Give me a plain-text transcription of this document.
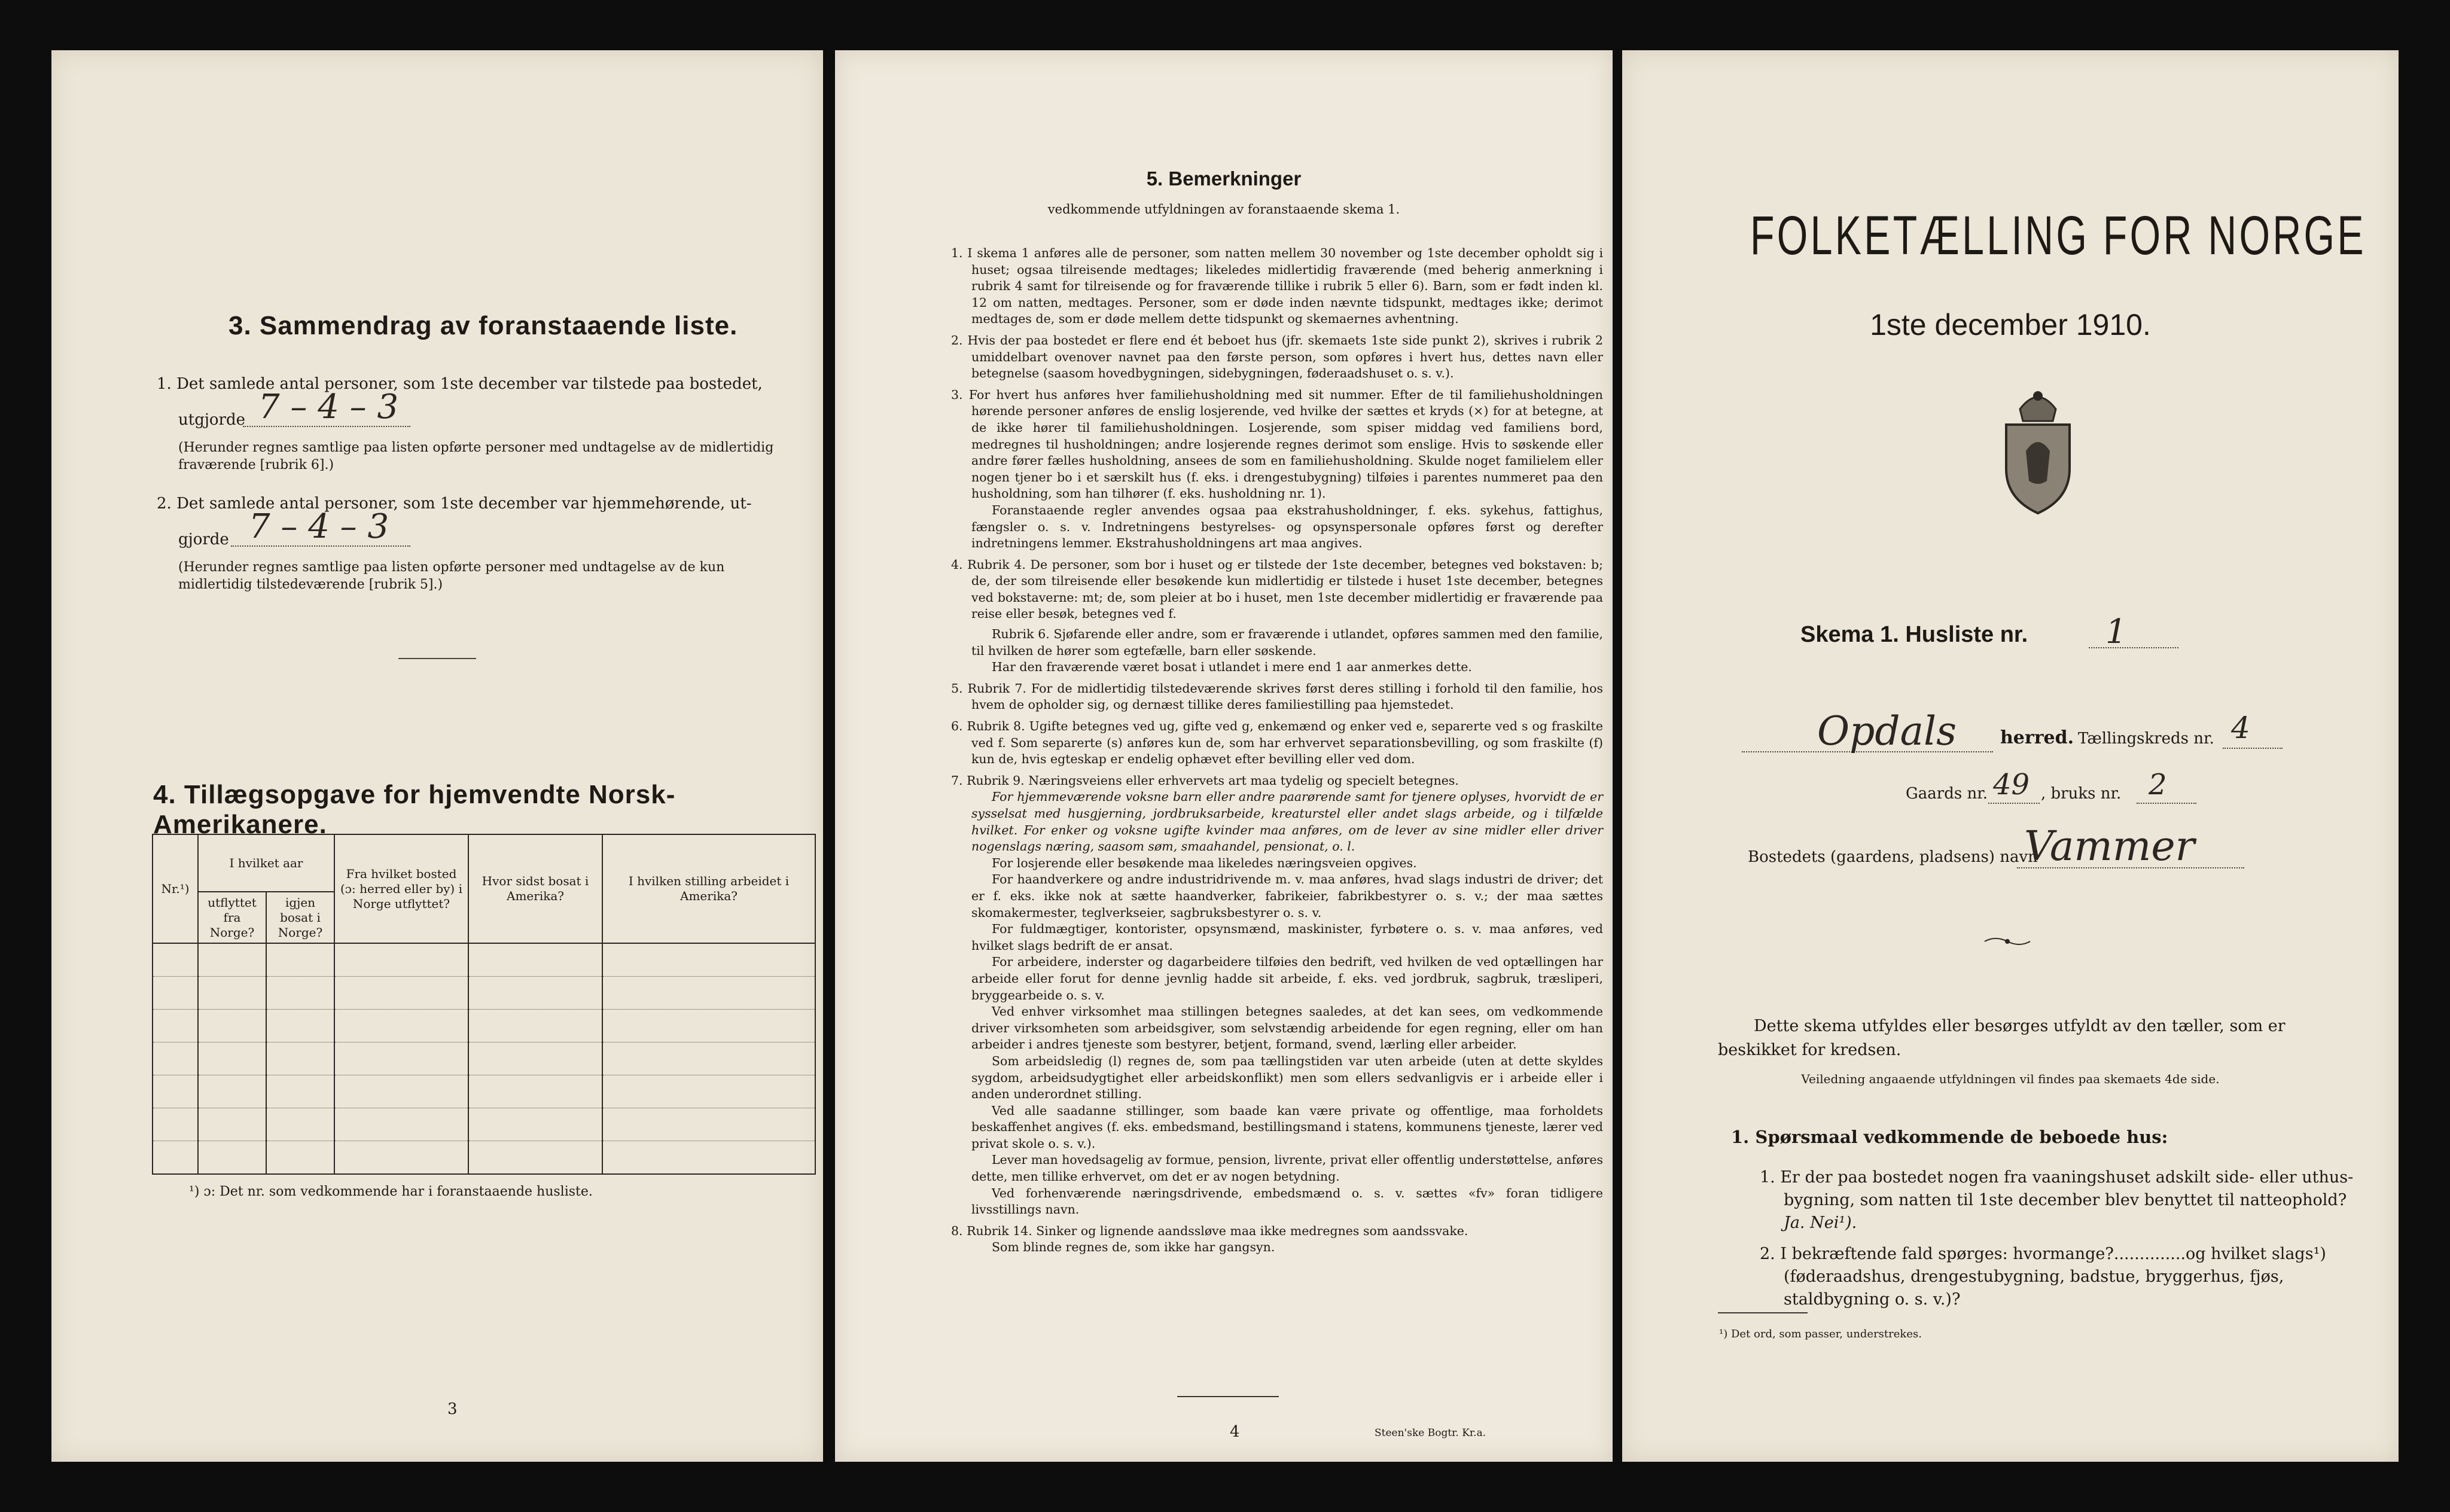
3. Sammendrag av foranstaaende liste.
1. Det samlede antal personer, som 1ste december var tilstede paa bostedet,
utgjorde 7 – 4 – 3
(Herunder regnes samtlige paa listen opførte personer med undtagelse av de midlertidig fraværende [rubrik 6].)
2. Det samlede antal personer, som 1ste december var hjemmehørende, ut-
gjorde 7 – 4 – 3
(Herunder regnes samtlige paa listen opførte personer med undtagelse av de kun midlertidig tilstedeværende [rubrik 5].)
4. Tillægsopgave for hjemvendte Norsk-Amerikanere.
Nr.¹)	I hvilket aar		Fra hvilket bosted (ɔ: herred eller by) i Norge utflyttet?	Hvor sidst bosat i Amerika?	I hvilken stilling arbeidet i Amerika?
	utflyttet fra Norge?	igjen bosat i Norge?			

¹) ɔ: Det nr. som vedkommende har i foranstaaende husliste.
3
5. Bemerkninger
vedkommende utfyldningen av foranstaaende skema 1.

1. I skema 1 anføres alle de personer, som natten mellem 30 november og 1ste december opholdt sig i huset; ogsaa tilreisende medtages; likeledes midlertidig fraværende (med beherig anmerkning i rubrik 4 samt for tilreisende og for fraværende tillike i rubrik 5 eller 6). Barn, som er født inden kl. 12 om natten, medtages. Personer, som er døde inden nævnte tidspunkt, medtages ikke; derimot medtages de, som er døde mellem dette tidspunkt og skemaernes avhentning.

2. Hvis der paa bostedet er flere end ét beboet hus (jfr. skemaets 1ste side punkt 2), skrives i rubrik 2 umiddelbart ovenover navnet paa den første person, som opføres i hvert hus, dettes navn eller betegnelse (saasom hovedbygningen, sidebygningen, føderaadshuset o. s. v.).

3. For hvert hus anføres hver familiehusholdning med sit nummer. Efter de til familiehusholdningen hørende personer anføres de enslig losjerende, ved hvilke der sættes et kryds (×) for at betegne, at de ikke hører til familiehusholdningen. Losjerende, som spiser middag ved familiens bord, medregnes til husholdningen; andre losjerende regnes derimot som enslige. Hvis to søskende eller andre fører fælles husholdning, ansees de som en familiehusholdning. Skulde noget familielem eller nogen tjener bo i et særskilt hus (f. eks. i drengestubygning) tilføies i parentes nummeret paa den husholdning, som han tilhører (f. eks. husholdning nr. 1).

Foranstaaende regler anvendes ogsaa paa ekstrahusholdninger, f. eks. sykehus, fattighus, fængsler o. s. v. Indretningens bestyrelses- og opsynspersonale opføres først og derefter indretningens lemmer. Ekstrahusholdningens art maa angives.

4. Rubrik 4. De personer, som bor i huset og er tilstede der 1ste december, betegnes ved bokstaven: b; de, der som tilreisende eller besøkende kun midlertidig er tilstede i huset 1ste december, betegnes ved bokstaverne: mt; de, som pleier at bo i huset, men 1ste december midlertidig er fraværende paa reise eller besøk, betegnes ved f.

Rubrik 6. Sjøfarende eller andre, som er fraværende i utlandet, opføres sammen med den familie, til hvilken de hører som egtefælle, barn eller søskende.

Har den fraværende været bosat i utlandet i mere end 1 aar anmerkes dette.

5. Rubrik 7. For de midlertidig tilstedeværende skrives først deres stilling i forhold til den familie, hos hvem de opholder sig, og dernæst tillike deres familiestilling paa hjemstedet.

6. Rubrik 8. Ugifte betegnes ved ug, gifte ved g, enkemænd og enker ved e, separerte ved s og fraskilte ved f. Som separerte (s) anføres kun de, som har erhvervet separationsbevilling, og som fraskilte (f) kun de, hvis egteskap er endelig ophævet efter bevilling eller ved dom.

7. Rubrik 9. Næringsveiens eller erhvervets art maa tydelig og specielt betegnes.

For hjemmeværende voksne barn eller andre paarørende samt for tjenere oplyses, hvorvidt de er sysselsat med husgjerning, jordbruksarbeide, kreaturstel eller andet slags arbeide, og i tilfælde hvilket. For enker og voksne ugifte kvinder maa anføres, om de lever av sine midler eller driver nogenslags næring, saasom søm, smaahandel, pensionat, o. l.

For losjerende eller besøkende maa likeledes næringsveien opgives.

For haandverkere og andre industridrivende m. v. maa anføres, hvad slags industri de driver; det er f. eks. ikke nok at sætte haandverker, fabrikeier, fabrikbestyrer o. s. v.; der maa sættes skomakermester, teglverkseier, sagbruksbestyrer o. s. v.

For fuldmægtiger, kontorister, opsynsmænd, maskinister, fyrbøtere o. s. v. maa anføres, ved hvilket slags bedrift de er ansat.

For arbeidere, inderster og dagarbeidere tilføies den bedrift, ved hvilken de ved optællingen har arbeide eller forut for denne jevnlig hadde sit arbeide, f. eks. ved jordbruk, sagbruk, træsliperi, bryggearbeide o. s. v.

Ved enhver virksomhet maa stillingen betegnes saaledes, at det kan sees, om vedkommende driver virksomheten som arbeidsgiver, som selvstændig arbeidende for egen regning, eller om han arbeider i andres tjeneste som bestyrer, betjent, formand, svend, lærling eller arbeider.

Som arbeidsledig (l) regnes de, som paa tællingstiden var uten arbeide (uten at dette skyldes sygdom, arbeidsudygtighet eller arbeidskonflikt) men som ellers sedvanligvis er i arbeide eller i anden underordnet stilling.

Ved alle saadanne stillinger, som baade kan være private og offentlige, maa forholdets beskaffenhet angives (f. eks. embedsmand, bestillingsmand i statens, kommunens tjeneste, lærer ved privat skole o. s. v.).

Lever man hovedsagelig av formue, pension, livrente, privat eller offentlig understøttelse, anføres dette, men tillike erhvervet, om det er av nogen betydning.

Ved forhenværende næringsdrivende, embedsmænd o. s. v. sættes «fv» foran tidligere livsstillings navn.

8. Rubrik 14. Sinker og lignende aandssløve maa ikke medregnes som aandssvake.

Som blinde regnes de, som ikke har gangsyn.

4	Steen'ske Bogtr. Kr.a.
FOLKETÆLLING FOR NORGE
1ste december 1910.
Skema 1. Husliste nr. 1
Opdals herred. Tællingskreds nr. 4
Gaards nr. 49 , bruks nr. 2
Bostedets (gaardens, pladsens) navn
Vammer
Dette skema utfyldes eller besørges utfyldt av den tæller, som er beskikket for kredsen.
Veiledning angaaende utfyldningen vil findes paa skemaets 4de side.
1. Spørsmaal vedkommende de beboede hus:
1. Er der paa bostedet nogen fra vaaningshuset adskilt side- eller uthus-bygning, som natten til 1ste december blev benyttet til natteophold? Ja. Nei¹).
2. I bekræftende fald spørges: hvormange?..............og hvilket slags¹) (føderaadshus, drengestubygning, badstue, bryggerhus, fjøs, staldbygning o. s. v.)?
¹) Det ord, som passer, understrekes.
